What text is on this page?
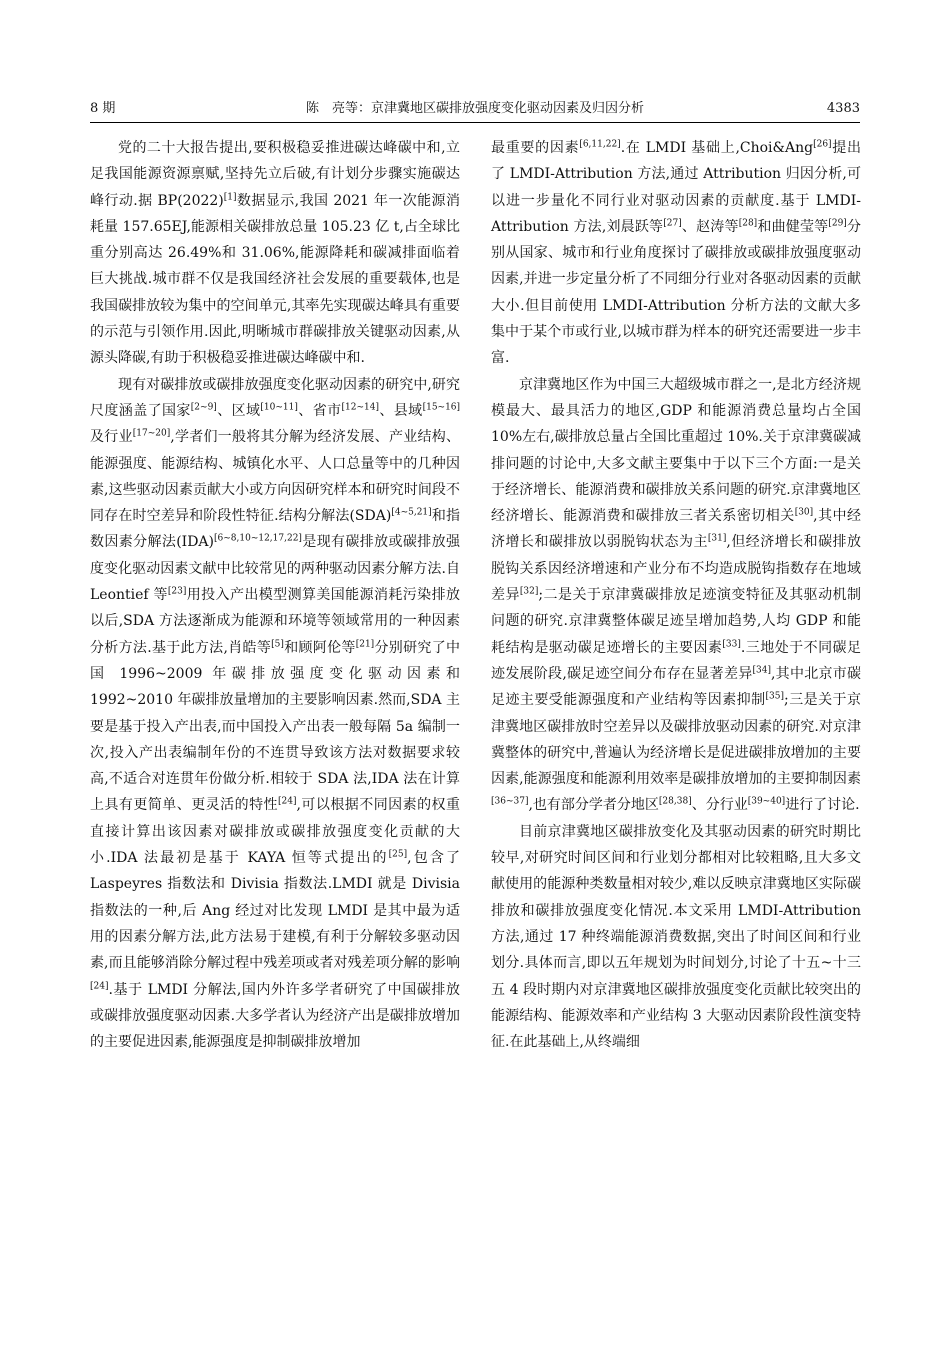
8 期	陈　亮等：京津冀地区碳排放强度变化驱动因素及归因分析	4383

党的二十大报告提出,要积极稳妥推进碳达峰碳中和,立足我国能源资源禀赋,坚持先立后破,有计划分步骤实施碳达峰行动.据 BP(2022)[1]数据显示,我国 2021 年一次能源消耗量 157.65EJ,能源相关碳排放总量 105.23 亿 t,占全球比重分别高达 26.49%和 31.06%,能源降耗和碳减排面临着巨大挑战.城市群不仅是我国经济社会发展的重要载体,也是我国碳排放较为集中的空间单元,其率先实现碳达峰具有重要的示范与引领作用.因此,明晰城市群碳排放关键驱动因素,从源头降碳,有助于积极稳妥推进碳达峰碳中和.

现有对碳排放或碳排放强度变化驱动因素的研究中,研究尺度涵盖了国家[2~9]、区域[10~11]、省市[12~14]、县域[15~16]及行业[17~20],学者们一般将其分解为经济发展、产业结构、能源强度、能源结构、城镇化水平、人口总量等中的几种因素,这些驱动因素贡献大小或方向因研究样本和研究时间段不同存在时空差异和阶段性特征.结构分解法(SDA)[4~5,21]和指数因素分解法(IDA)[6~8,10~12,17,22]是现有碳排放或碳排放强度变化驱动因素文献中比较常见的两种驱动因素分解方法.自 Leontief 等[23]用投入产出模型测算美国能源消耗污染排放以后,SDA 方法逐渐成为能源和环境等领域常用的一种因素分析方法.基于此方法,肖皓等[5]和顾阿伦等[21]分别研究了中国 1996~2009 年碳排放强度变化驱动因素和 1992~2010 年碳排放量增加的主要影响因素.然而,SDA 主要是基于投入产出表,而中国投入产出表一般每隔 5a 编制一次,投入产出表编制年份的不连贯导致该方法对数据要求较高,不适合对连贯年份做分析.相较于 SDA 法,IDA 法在计算上具有更简单、更灵活的特性[24],可以根据不同因素的权重直接计算出该因素对碳排放或碳排放强度变化贡献的大小.IDA 法最初是基于 KAYA 恒等式提出的[25],包含了 Laspeyres 指数法和 Divisia 指数法.LMDI 就是 Divisia 指数法的一种,后 Ang 经过对比发现 LMDI 是其中最为适用的因素分解方法,此方法易于建模,有利于分解较多驱动因素,而且能够消除分解过程中残差项或者对残差项分解的影响[24].基于 LMDI 分解法,国内外许多学者研究了中国碳排放或碳排放强度驱动因素.大多学者认为经济产出是碳排放增加的主要促进因素,能源强度是抑制碳排放增加

最重要的因素[6,11,22].在 LMDI 基础上,Choi&Ang[26]提出了 LMDI-Attribution 方法,通过 Attribution 归因分析,可以进一步量化不同行业对驱动因素的贡献度.基于 LMDI-Attribution 方法,刘晨跃等[27]、赵涛等[28]和曲健莹等[29]分别从国家、城市和行业角度探讨了碳排放或碳排放强度驱动因素,并进一步定量分析了不同细分行业对各驱动因素的贡献大小.但目前使用 LMDI-Attribution 分析方法的文献大多集中于某个市或行业,以城市群为样本的研究还需要进一步丰富.

京津冀地区作为中国三大超级城市群之一,是北方经济规模最大、最具活力的地区,GDP 和能源消费总量均占全国 10%左右,碳排放总量占全国比重超过 10%.关于京津冀碳减排问题的讨论中,大多文献主要集中于以下三个方面:一是关于经济增长、能源消费和碳排放关系问题的研究.京津冀地区经济增长、能源消费和碳排放三者关系密切相关[30],其中经济增长和碳排放以弱脱钩状态为主[31],但经济增长和碳排放脱钩关系因经济增速和产业分布不均造成脱钩指数存在地域差异[32];二是关于京津冀碳排放足迹演变特征及其驱动机制问题的研究.京津冀整体碳足迹呈增加趋势,人均 GDP 和能耗结构是驱动碳足迹增长的主要因素[33].三地处于不同碳足迹发展阶段,碳足迹空间分布存在显著差异[34],其中北京市碳足迹主要受能源强度和产业结构等因素抑制[35];三是关于京津冀地区碳排放时空差异以及碳排放驱动因素的研究.对京津冀整体的研究中,普遍认为经济增长是促进碳排放增加的主要因素,能源强度和能源利用效率是碳排放增加的主要抑制因素[36~37],也有部分学者分地区[28,38]、分行业[39~40]进行了讨论.

目前京津冀地区碳排放变化及其驱动因素的研究时期比较早,对研究时间区间和行业划分都相对比较粗略,且大多文献使用的能源种类数量相对较少,难以反映京津冀地区实际碳排放和碳排放强度变化情况.本文采用 LMDI-Attribution 方法,通过 17 种终端能源消费数据,突出了时间区间和行业划分.具体而言,即以五年规划为时间划分,讨论了十五~十三五 4 段时期内对京津冀地区碳排放强度变化贡献比较突出的能源结构、能源效率和产业结构 3 大驱动因素阶段性演变特征.在此基础上,从终端细
